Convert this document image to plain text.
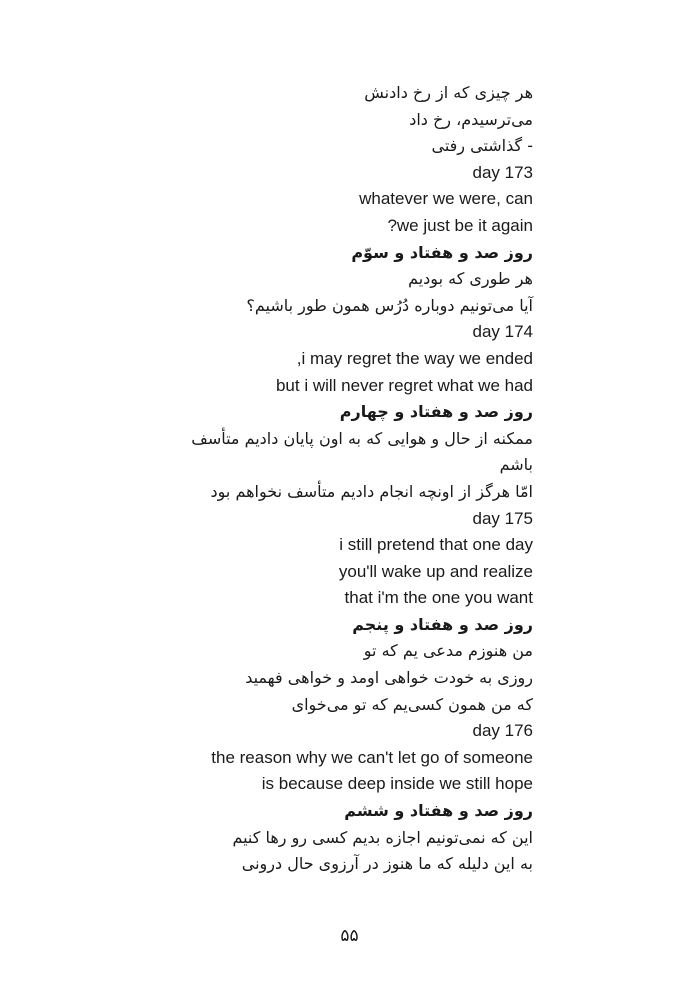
هر چیزی که از رخ دادنش
می‌ترسیدم، رخ داد
- گذاشتی رفتی
day 173
whatever we were, can
?we just be it again
روز صد و هفتاد و سوّم
هر طوری که بودیم
آیا می‌تونیم دوباره دُرُس همون طور باشیم؟
day 174
,i may regret the way we ended
but i will never regret what we had
روز صد و هفتاد و چهارم
ممکنه از حال و هوایی که به اون پایان دادیم متأسف
باشم
امّا هرگز از اونچه انجام دادیم متأسف نخواهم بود
day 175
i still pretend that one day
you'll wake up and realize
that i'm the one you want
روز صد و هفتاد و پنجم
من هنوزم مدعی یم که تو
روزی به خودت خواهی اومد و خواهی فهمید
که من همون کسی‌یم که تو می‌خوای
day 176
the reason why we can't let go of someone
is because deep inside we still hope
روز صد و هفتاد و ششم
این که نمی‌تونیم اجازه بدیم کسی رو رها کنیم
به این دلیله که ما هنوز در آرزوی حال درونی
۵۵
